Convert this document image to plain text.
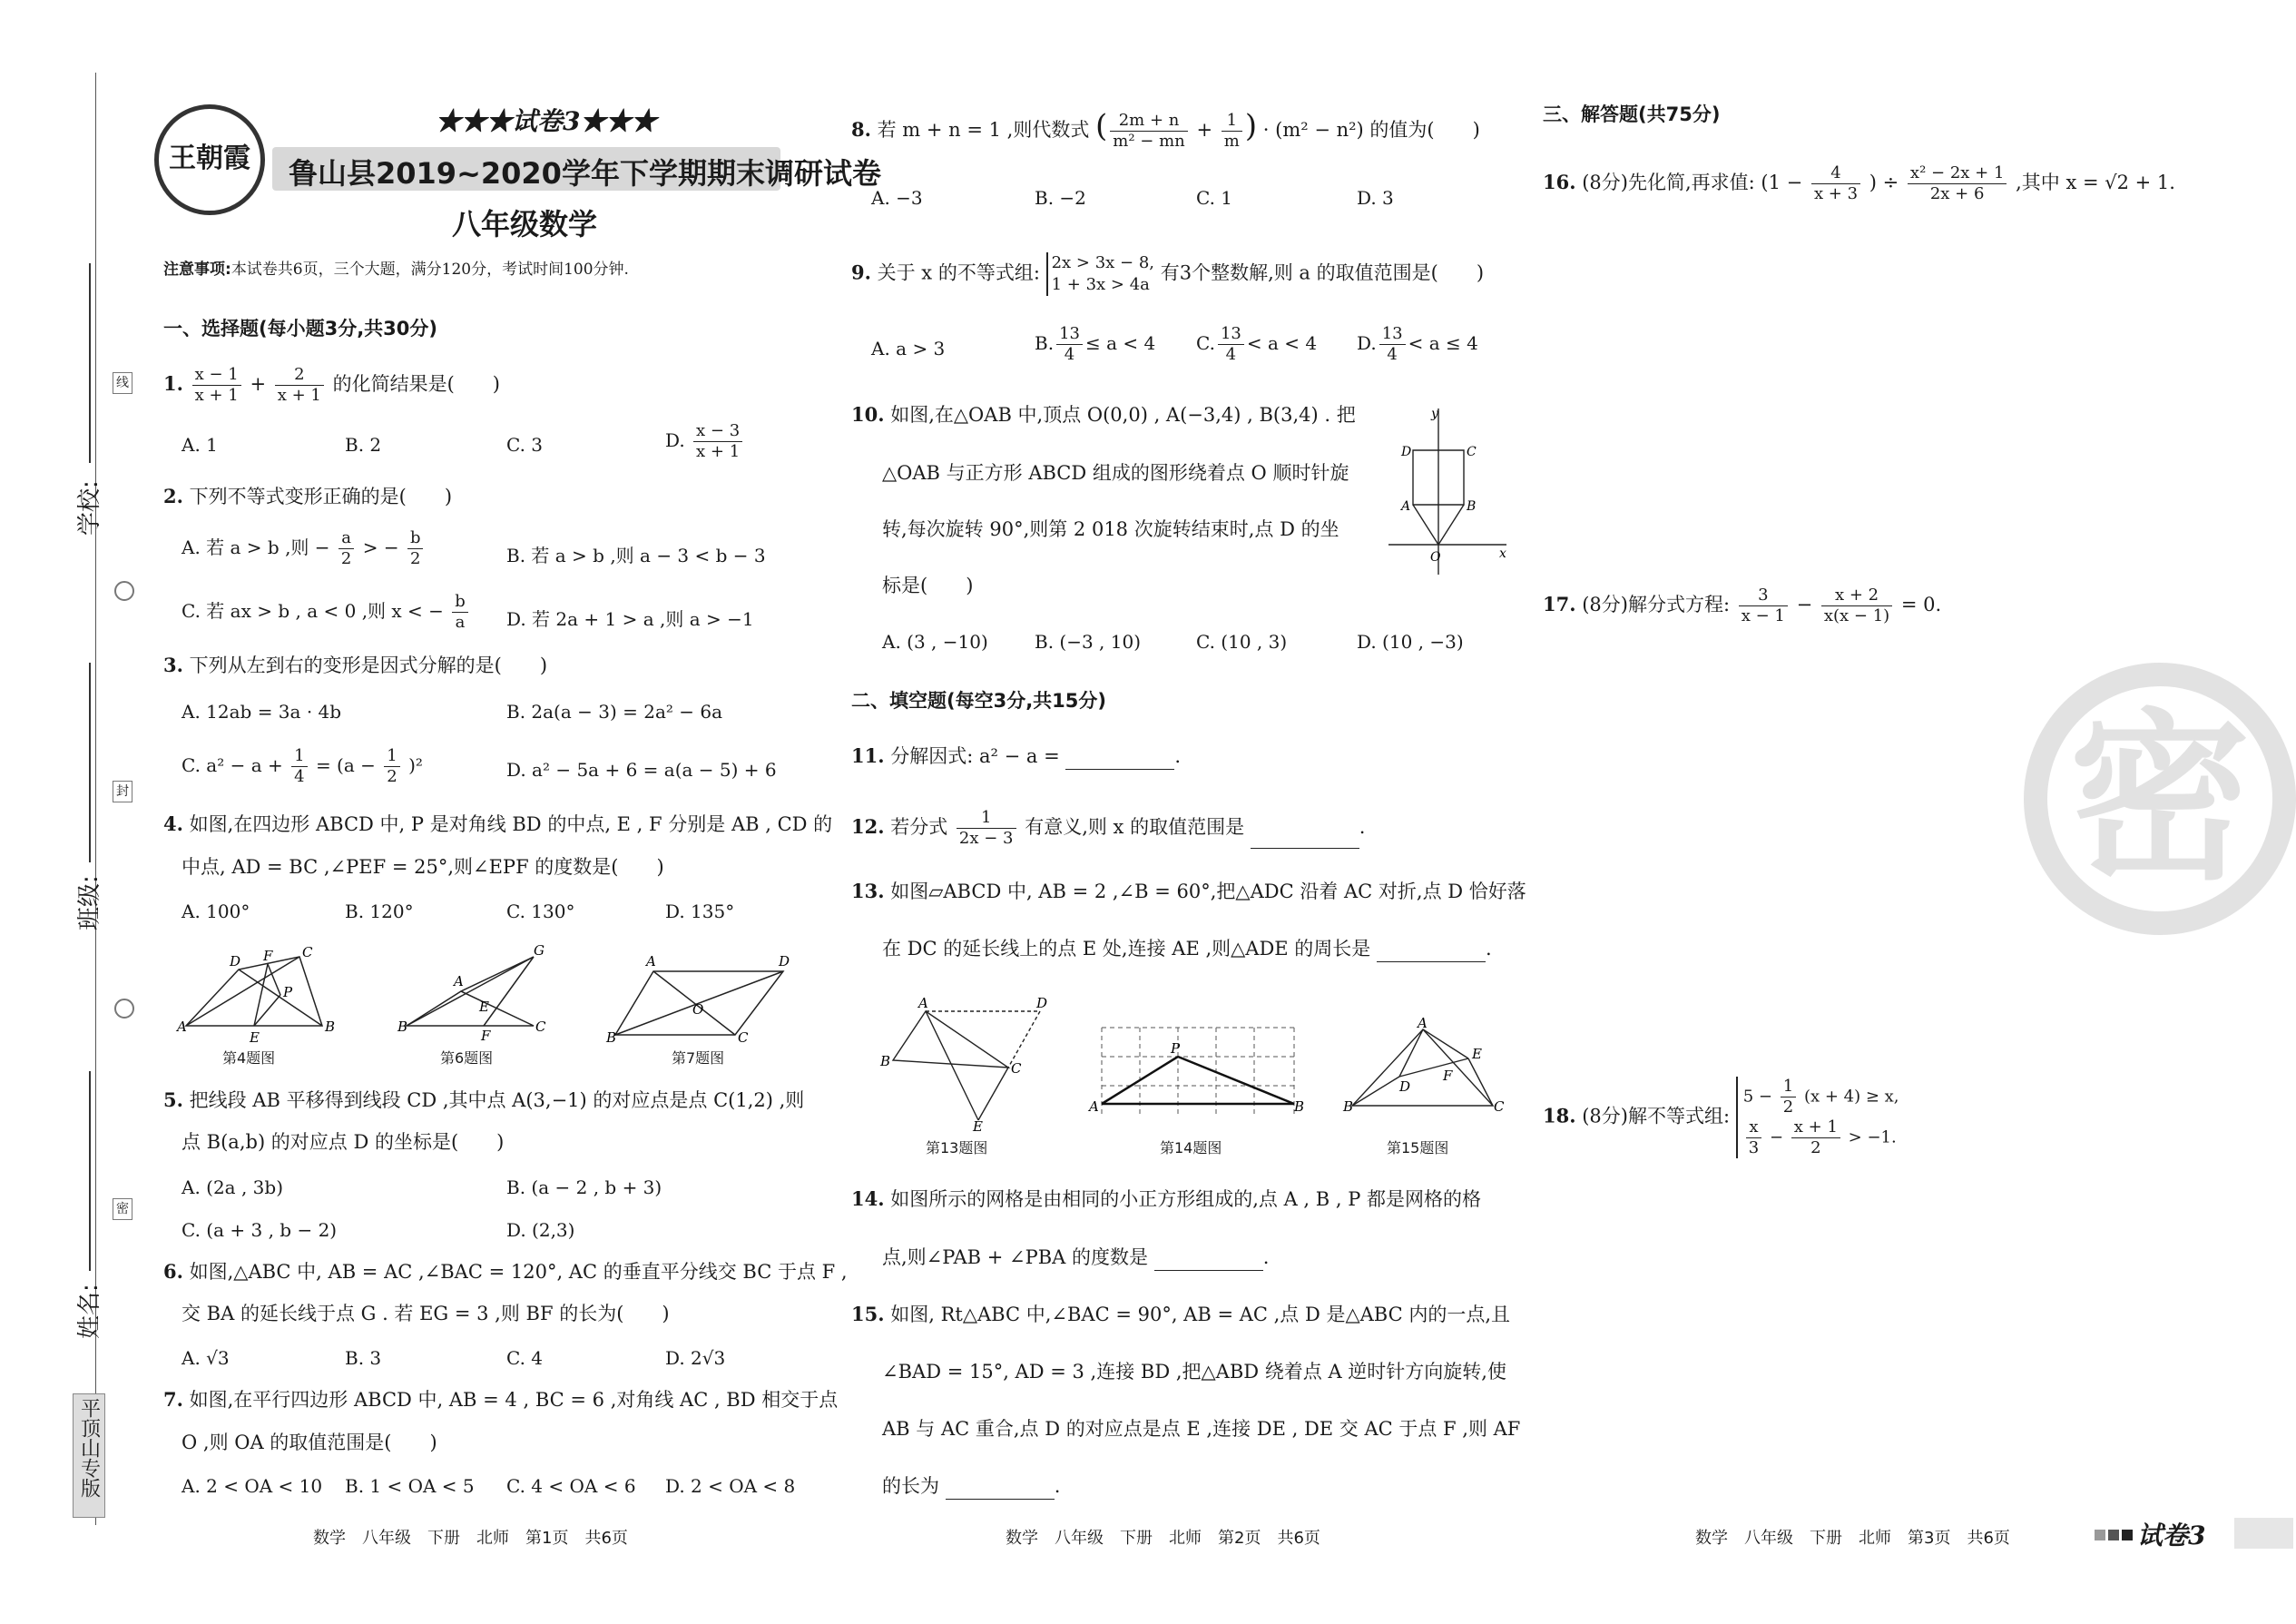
学校:
班级:
姓名:
线
封
密
平顶山专版
王朝霞
★★★试卷3★★★
鲁山县2019~2020学年下学期期末调研试卷
八年级数学
注意事项:本试卷共6页，三个大题，满分120分，考试时间100分钟.
一、选择题(每小题3分,共30分)
1. $\frac{x - 1}{x + 1} + \frac{2}{x + 1}$ 的化简结果是(　　)
A. 1	B. 2	C. 3	D. $\frac{x - 3}{x + 1}$
2. 下列不等式变形正确的是(　　)
A. 若 a > b ,则 − $\frac{a}{2}$ > − $\frac{b}{2}$	B. 若 a > b ,则 a − 3 < b − 3
C. 若 ax > b , a < 0 ,则 x < − $\frac{b}{a} D$. 若 2a + 1 > a ,则 a > −1
3. 下列从左到右的变形是因式分解的是(　　)
A. 12ab = 3a · 4b	B. 2a(a − 3) = 2a² − 6a
C. $a^2 - a + \frac{1}{4} = (a - \frac{1}{2} )^2$	D. a² − 5a + 6 = a(a − 5) + 6
4. 如图,在四边形 ABCD 中, P 是对角线 BD 的中点, E , F 分别是 AB , CD 的
中点, AD = BC ,∠PEF = 25°,则∠EPF 的度数是(　　)
A. 100°	B. 120°	C. 130°	D. 135°
A
D F C
P
B
E
第4题图
B
A
G
E
F
C
第6题图
A	D
O
B	C
第7题图
5. 把线段 AB 平移得到线段 CD ,其中点 A(3,−1) 的对应点是点 C(1,2) ,则
点 B(a,b) 的对应点 D 的坐标是(　　)
A. (2a , 3b)	B. (a − 2 , b + 3)
C. (a + 3 , b − 2)	D. (2,3)
6. 如图,△ABC 中, AB = AC ,∠BAC = 120°, AC 的垂直平分线交 BC 于点 F ,
交 BA 的延长线于点 G . 若 EG = 3 ,则 BF 的长为(　　)
A. √3	B. 3	C. 4	D. 2√3
7. 如图,在平行四边形 ABCD 中, AB = 4 , BC = 6 ,对角线 AC , BD 相交于点
O ,则 OA 的取值范围是(　　)
A. 2 < OA < 10 B. 1 < OA < 5 C. 4 < OA < 6 D. 2 < OA < 8
8. 若 m + n = 1 ,则代数式 ( $\frac{2m + n}{\text{m² − mn}} + \frac{1}{m}$ ) · (m² − n²) 的值为(　　)
A. −3	B. −2	C. 1	D. 3
9. 关于 x 的不等式组: 2x > 3x − 8,
1 + 3x > 4a
有3个整数解,则 a 的取值范围是(　　)
A. a > 3	B. $\frac{13}{4} \le a < 4$ C. $\frac{13}{4} < a < 4$ D. $\frac{13}{4} < a \le 4$
10. 如图,在△OAB 中,顶点 O(0,0) , A(−3,4) , B(3,4) . 把
△OAB 与正方形 ABCD 组成的图形绕着点 O 顺时针旋
转,每次旋转 90°,则第 2 018 次旋转结束时,点 D 的坐
标是(　　)
y
x
D	C
A	B
O
A. (3 , −10)	B. (−3 , 10)	C. (10 , 3)	D. (10 , −3)
二、填空题(每空3分,共15分)
11. 分解因式: a² − a =	.
12. 若分式 $\frac{1}{2x - 3}$ 有意义,则 x 的取值范围是	.
13. 如图▱ABCD 中, AB = 2 ,∠B = 60°,把△ADC 沿着 AC 对折,点 D 恰好落
在 DC 的延长线上的点 E 处,连接 AE ,则△ADE 的周长是	.
A	D
B	C
E
第13题图
A
P
B
第14题图
A
B
D
F
E
C
第15题图
14. 如图所示的网格是由相同的小正方形组成的,点 A , B , P 都是网格的格
点,则∠PAB + ∠PBA 的度数是	.
15. 如图, Rt△ABC 中,∠BAC = 90°, AB = AC ,点 D 是△ABC 内的一点,且
∠BAD = 15°, AD = 3 ,连接 BD ,把△ABD 绕着点 A 逆时针方向旋转,使
AB 与 AC 重合,点 D 的对应点是点 E ,连接 DE , DE 交 AC 于点 F ,则 AF
的长为	.
三、解答题(共75分)
16. (8分)先化简,再求值: ($1 - \frac{4}{x + 3}$ ) ÷ $\frac{\text{x² − 2x + 1}}{2x + 6}$ ,其中 x = √2 + 1.
17. (8分)解分式方程: $\frac{3}{x - 1} - \frac{x + 2}{x(x - 1)} = 0$.
18. (8分)解不等式组:
$5 - \frac{1}{2} (x + 4) \ge x$,
$\frac{x}{3} - \frac{x + 1}{2} > -1$.
密
数学　八年级　下册　北师　第1页　共6页	数学　八年级　下册　北师　第2页　共6页	数学　八年级　下册　北师　第3页　共6页	试卷3
